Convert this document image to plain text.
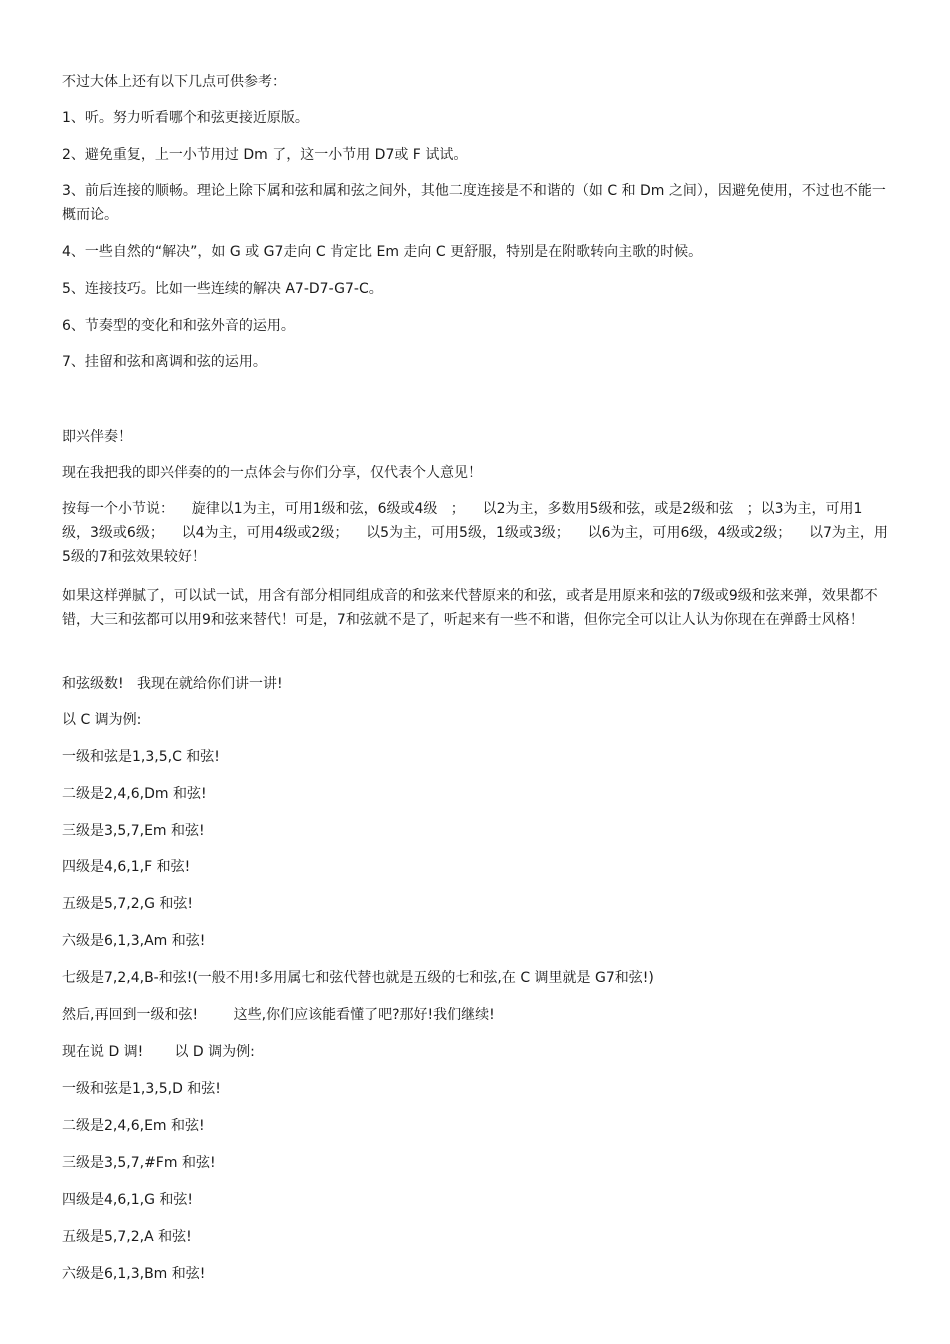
不过大体上还有以下几点可供参考：

1、听。努力听看哪个和弦更接近原版。

2、避免重复，上一小节用过 Dm 了，这一小节用 D7或 F 试试。

3、前后连接的顺畅。理论上除下属和弦和属和弦之间外，其他二度连接是不和谐的（如 C 和 Dm 之间），因避免使用，不过也不能一概而论。

4、一些自然的“解决”，如 G 或 G7走向 C 肯定比 Em 走向 C 更舒服，特别是在附歌转向主歌的时候。

5、连接技巧。比如一些连续的解决 A7-D7-G7-C。

6、节奏型的变化和和弦外音的运用。

7、挂留和弦和离调和弦的运用。

即兴伴奏！

现在我把我的即兴伴奏的的一点体会与你们分享，仅代表个人意见！

按每一个小节说：    旋律以1为主，可用1级和弦，6级或4级   ；    以2为主，多数用5级和弦，或是2级和弦   ；以3为主，可用1级，3级或6级；    以4为主，可用4级或2级；    以5为主，可用5级，1级或3级；    以6为主，可用6级，4级或2级；    以7为主，用5级的7和弦效果较好！

如果这样弹腻了，可以试一试，用含有部分相同组成音的和弦来代替原来的和弦，或者是用原来和弦的7级或9级和弦来弹，效果都不错，大三和弦都可以用9和弦来替代！可是，7和弦就不是了，听起来有一些不和谐，但你完全可以让人认为你现在在弹爵士风格！

和弦级数!   我现在就给你们讲一讲!

以 C 调为例:

一级和弦是1,3,5,C 和弦!

二级是2,4,6,Dm 和弦!

三级是3,5,7,Em 和弦!

四级是4,6,1,F 和弦!

五级是5,7,2,G 和弦!

六级是6,1,3,Am 和弦!

七级是7,2,4,B-和弦!(一般不用!多用属七和弦代替也就是五级的七和弦,在 C 调里就是 G7和弦!)

然后,再回到一级和弦!        这些,你们应该能看懂了吧?那好!我们继续!

现在说 D 调!       以 D 调为例:

一级和弦是1,3,5,D 和弦!

二级是2,4,6,Em 和弦!

三级是3,5,7,#Fm 和弦!

四级是4,6,1,G 和弦!

五级是5,7,2,A 和弦!

六级是6,1,3,Bm 和弦!
